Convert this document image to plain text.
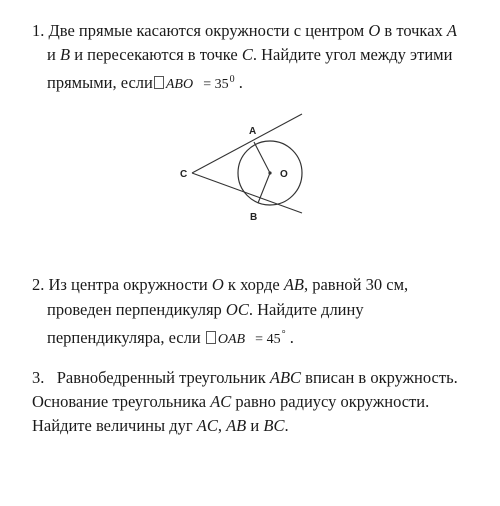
1. Две прямые касаются окружности с центром O в точках A
и B и пересекаются в точке C. Найдите угол между этими
прямыми, если ABO = $35^0$ .
A
B
C	O
2. Из центра окружности O к хорде AB, равной 30 см,
проведен перпендикуляр OC. Найдите длину
перпендикуляра, если OAB = 45° .
3. Равнобедренный треугольник ABC вписан в окружность.
Основание треугольника AC равно радиусу окружности.
Найдите величины дуг AC, AB и BC.
